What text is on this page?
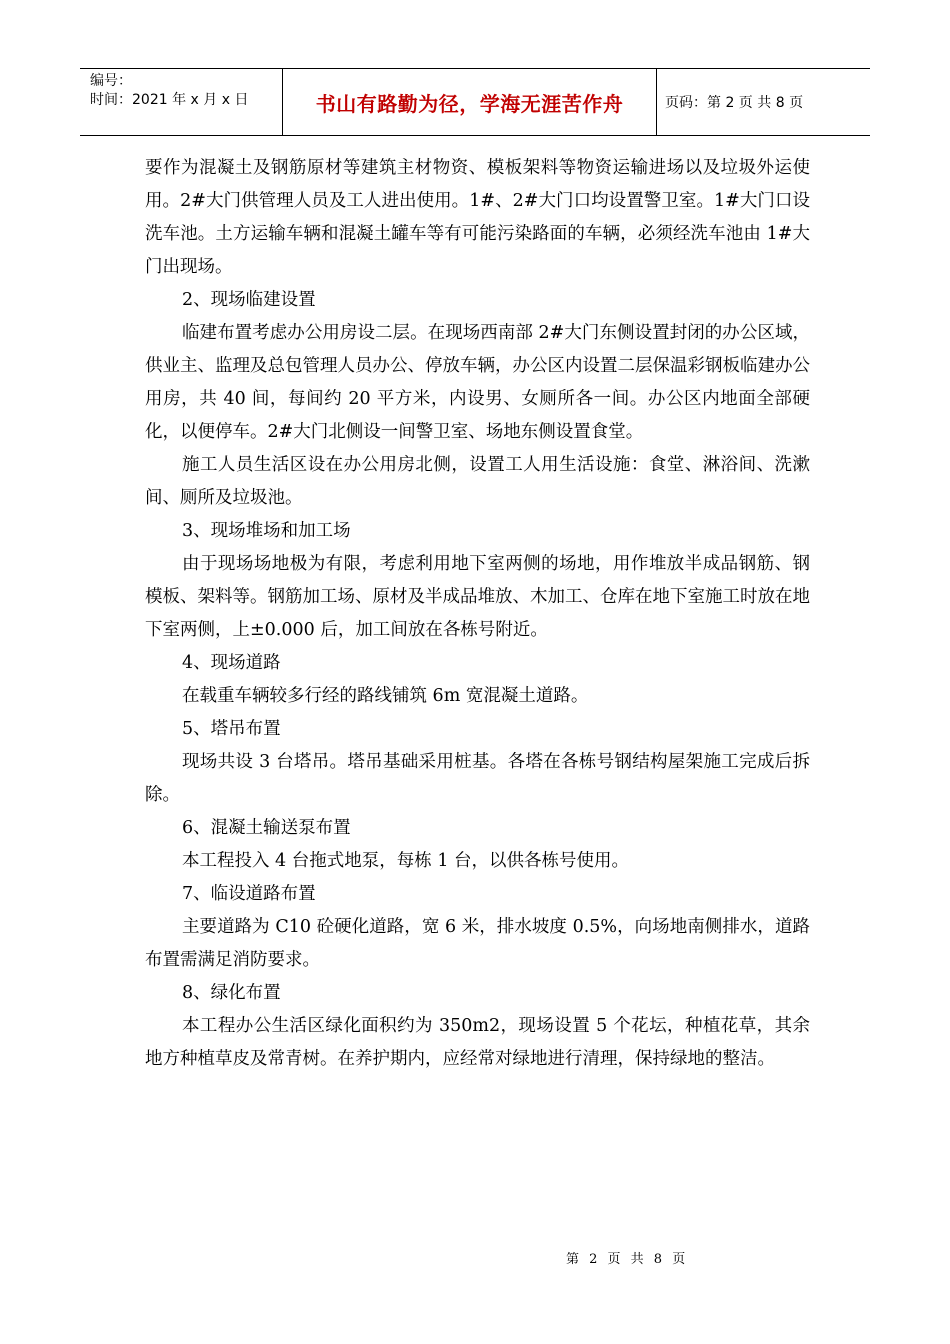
编号：
时间：2021 年 x 月 x 日	书山有路勤为径，学海无涯苦作舟	页码：第 2 页 共 8 页

要作为混凝土及钢筋原材等建筑主材物资、模板架料等物资运输进场以及垃圾外运使用。2#大门供管理人员及工人进出使用。1#、2#大门口均设置警卫室。1#大门口设洗车池。土方运输车辆和混凝土罐车等有可能污染路面的车辆，必须经洗车池由 1#大门出现场。

2、现场临建设置

临建布置考虑办公用房设二层。在现场西南部 2#大门东侧设置封闭的办公区域，供业主、监理及总包管理人员办公、停放车辆，办公区内设置二层保温彩钢板临建办公用房，共 40 间，每间约 20 平方米，内设男、女厕所各一间。办公区内地面全部硬化，以便停车。2#大门北侧设一间警卫室、场地东侧设置食堂。

施工人员生活区设在办公用房北侧，设置工人用生活设施：食堂、淋浴间、洗漱间、厕所及垃圾池。

3、现场堆场和加工场

由于现场场地极为有限，考虑利用地下室两侧的场地，用作堆放半成品钢筋、钢模板、架料等。钢筋加工场、原材及半成品堆放、木加工、仓库在地下室施工时放在地下室两侧，上±0.000 后，加工间放在各栋号附近。

4、现场道路

在载重车辆较多行经的路线铺筑 6m 宽混凝土道路。

5、塔吊布置

现场共设 3 台塔吊。塔吊基础采用桩基。各塔在各栋号钢结构屋架施工完成后拆除。

6、混凝土输送泵布置

本工程投入 4 台拖式地泵，每栋 1 台，以供各栋号使用。

7、临设道路布置

主要道路为 C10 砼硬化道路，宽 6 米，排水坡度 0.5%，向场地南侧排水，道路布置需满足消防要求。

8、绿化布置

本工程办公生活区绿化面积约为 350m2，现场设置 5 个花坛，种植花草，其余地方种植草皮及常青树。在养护期内，应经常对绿地进行清理，保持绿地的整洁。

第 2 页 共 8 页
